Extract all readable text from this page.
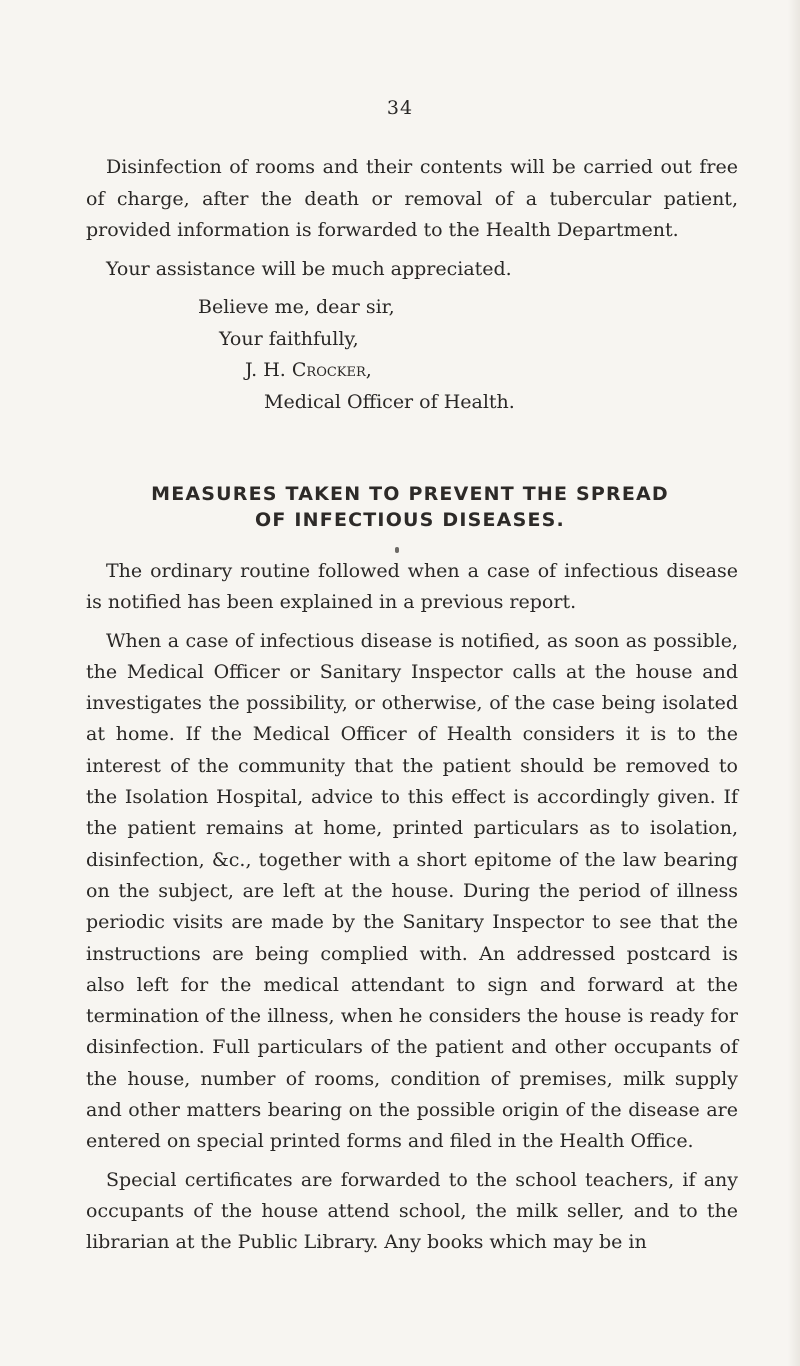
34

Disinfection of rooms and their contents will be carried out free of charge, after the death or removal of a tubercular patient, provided information is forwarded to the Health Department.

Your assistance will be much appreciated.

Believe me, dear sir,

Your faithfully,

J. H. Crocker,

Medical Officer of Health.

MEASURES TAKEN TO PREVENT THE SPREAD
OF INFECTIOUS DISEASES.

The ordinary routine followed when a case of infectious disease is notified has been explained in a previous report.

When a case of infectious disease is notified, as soon as possible, the Medical Officer or Sanitary Inspector calls at the house and investigates the possibility, or otherwise, of the case being isolated at home. If the Medical Officer of Health considers it is to the interest of the community that the patient should be removed to the Isolation Hospital, advice to this effect is accordingly given. If the patient remains at home, printed particulars as to isolation, disinfection, &c., together with a short epitome of the law bearing on the subject, are left at the house. During the period of illness periodic visits are made by the Sanitary Inspector to see that the instructions are being complied with. An addressed postcard is also left for the medical attendant to sign and forward at the termination of the illness, when he considers the house is ready for disinfection. Full particulars of the patient and other occupants of the house, number of rooms, condition of premises, milk supply and other matters bearing on the possible origin of the disease are entered on special printed forms and filed in the Health Office.

Special certificates are forwarded to the school teachers, if any occupants of the house attend school, the milk seller, and to the librarian at the Public Library. Any books which may be in
